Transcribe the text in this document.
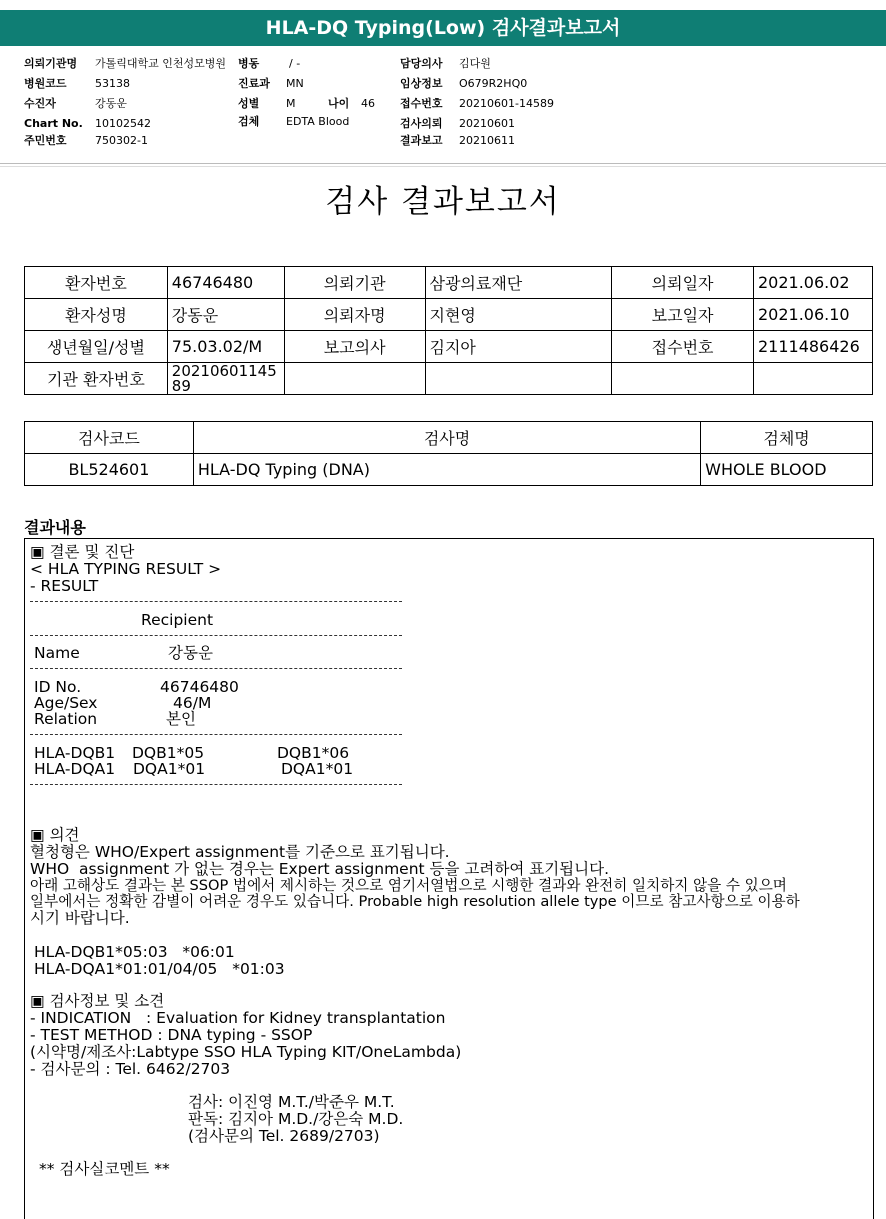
HLA-DQ Typing(Low) 검사결과보고서
의뢰기관명 가톨릭대학교 인천성모병원 병동	/ -	담당의사 김다원
병원코드	53138	진료과 MN	임상정보 O679R2HQ0
수진자	강동운	성별 M	나이 46 접수번호 20210601-14589
Chart No. 10102542	검체 EDTA Blood	검사의뢰 20210601
주민번호	750302-1	결과보고 20210611
검사 결과보고서
환자번호	46746480	의뢰기관	삼광의료재단	의뢰일자	2021.06.02
환자성명	강동운	의뢰자명	지현영	보고일자	2021.06.10
생년월일/성별	75.03.02/M	보고의사	김지아	접수번호	2111486426
기관 환자번호	20210601145 89				
검사코드	검사명	검체명
BL524601	HLA-DQ Typing (DNA)	WHOLE BLOOD
결과내용
▣ 결론 및 진단
< HLA TYPING RESULT >
- RESULT
Recipient
Name	강동운
ID No.	46746480
Age/Sex	46/M
Relation	본인
HLA-DQB1 DQB1*05	DQB1*06
HLA-DQA1 DQA1*01	DQA1*01
▣ 의견
혈청형은 WHO/Expert assignment를 기준으로 표기됩니다.
WHO  assignment 가 없는 경우는 Expert assignment 등을 고려하여 표기됩니다.
아래 고해상도 결과는 본 SSOP 법에서 제시하는 것으로 염기서열법으로 시행한 결과와 완전히 일치하지 않을 수 있으며
일부에서는 정확한 감별이 어려운 경우도 있습니다. Probable high resolution allele type 이므로 참고사항으로 이용하
시기 바랍니다.
HLA-DQB1*05:03   *06:01
HLA-DQA1*01:01/04/05   *01:03
▣ 검사정보 및 소견
- INDICATION   : Evaluation for Kidney transplantation
- TEST METHOD : DNA typing - SSOP
(시약명/제조사:Labtype SSO HLA Typing KIT/OneLambda)
- 검사문의 : Tel. 6462/2703
검사: 이진영 M.T./박준우 M.T.
판독: 김지아 M.D./강은숙 M.D.
(검사문의 Tel. 2689/2703)
** 검사실코멘트 **
